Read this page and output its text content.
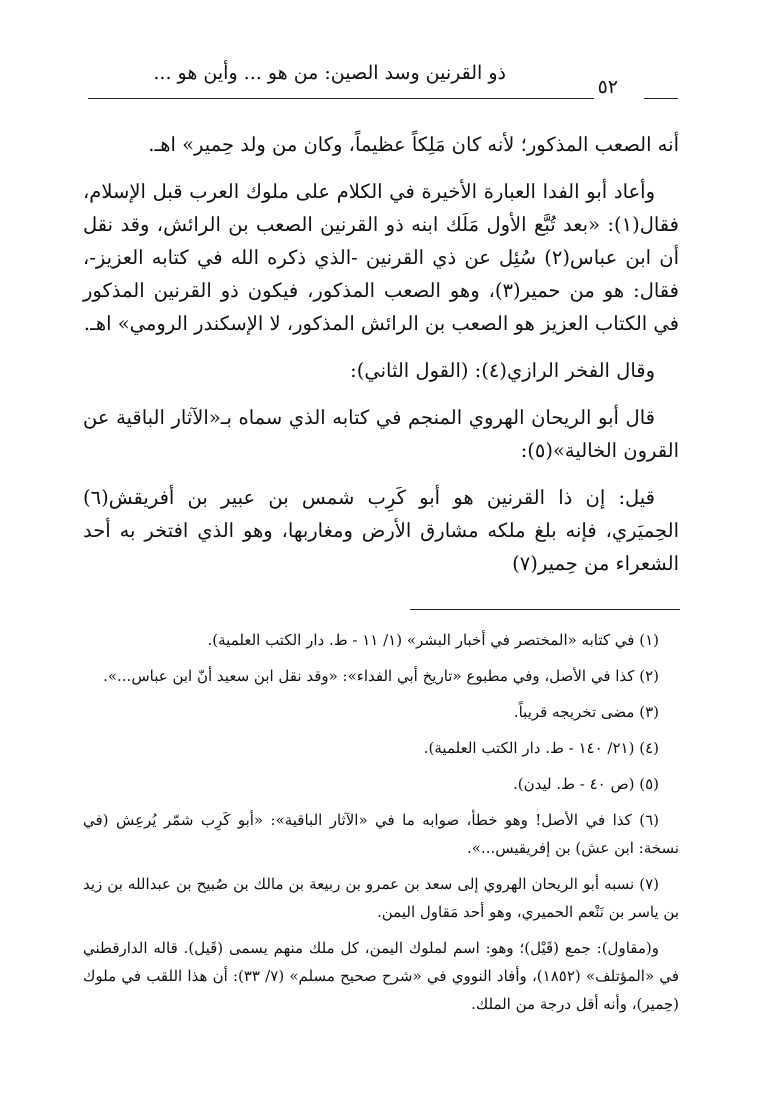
٥٢
ذو القرنين وسد الصين: من هو ... وأين هو ...

أنه الصعب المذكور؛ لأنه كان مَلِكاً عظيماً، وكان من ولد حِمير» اهـ.

وأعاد أبو الفدا العبارة الأخيرة في الكلام على ملوك العرب قبل الإسلام، فقال(١): «بعد تُبَّع الأول مَلَك ابنه ذو القرنين الصعب بن الرائش، وقد نقل أن ابن عباس(٢) سُئِل عن ذي القرنين -الذي ذكره الله في كتابه العزيز-، فقال: هو من حمير(٣)، وهو الصعب المذكور، فيكون ذو القرنين المذكور في الكتاب العزيز هو الصعب بن الرائش المذكور، لا الإسكندر الرومي» اهـ.

وقال الفخر الرازي(٤): (القول الثاني):

قال أبو الريحان الهروي المنجم في كتابه الذي سماه بـ«الآثار الباقية عن القرون الخالية»(٥):

قيل: إن ذا القرنين هو أبو كَرِب شمس بن عبير بن أفريقش(٦) الحِميَري، فإنه بلغ ملكه مشارق الأرض ومغاربها، وهو الذي افتخر به أحد الشعراء من حِمير(٧)

(١) في كتابه «المختصر في أخبار البشر» (١/ ١١ - ط. دار الكتب العلمية).

(٢) كذا في الأصل، وفي مطبوع «تاريخ أبي الفداء»: «وقد نقل ابن سعيد أنّ ابن عباس...».

(٣) مضى تخريجه قريباً.

(٤) (٢١/ ١٤٠ - ط. دار الكتب العلمية).

(٥) (ص ٤٠ - ط. ليدن).

(٦) كذا في الأصل! وهو خطأ، صوابه ما في «الآثار الباقية»: «أبو كَرِب شمّر يُرعِش (في نسخة: ابن عش) بن إفريقيس...».

(٧) نسبه أبو الريحان الهروي إلى سعد بن عمرو بن ربيعة بن مالك بن صُبيح بن عبدالله بن زيد بن ياسر بن نَنْعم الحميري، وهو أحد مَقاول اليمن.

و(مقاول): جمع (قَيْل)؛ وهو: اسم لملوك اليمن، كل ملك منهم يسمى (قَيل). قاله الدارقطني في «المؤتلف» (١٨٥٢)، وأفاد النووي في «شرح صحيح مسلم» (٧/ ٣٣): أن هذا اللقب في ملوك (حِمير)، وأنه أقل درجة من الملك.
